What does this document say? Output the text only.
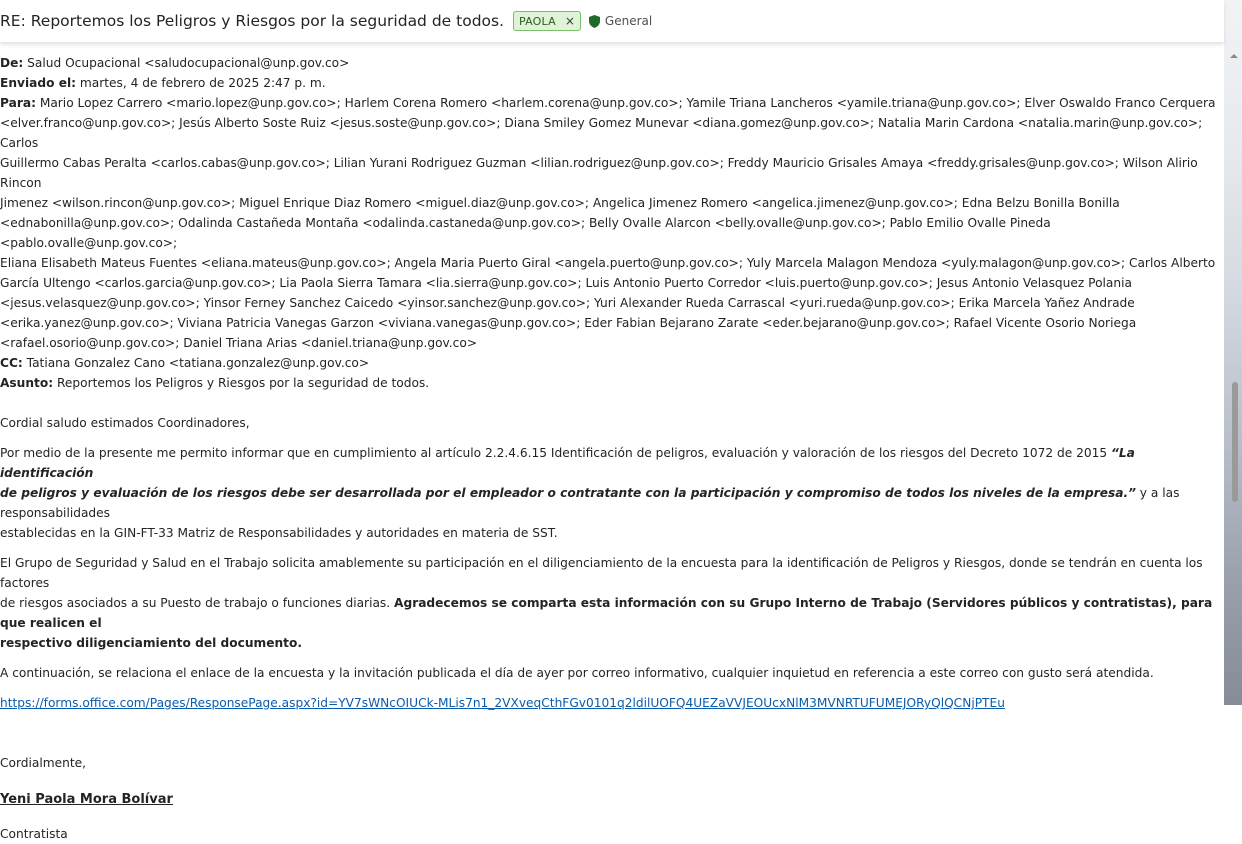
RE: Reportemos los Peligros y Riesgos por la seguridad de todos. PAOLA ×	General
De: Salud Ocupacional <saludocupacional@unp.gov.co>
Enviado el: martes, 4 de febrero de 2025 2:47 p. m.
Para: Mario Lopez Carrero <mario.lopez@unp.gov.co>; Harlem Corena Romero <harlem.corena@unp.gov.co>; Yamile Triana Lancheros <yamile.triana@unp.gov.co>; Elver Oswaldo Franco Cerquera
<elver.franco@unp.gov.co>; Jesús Alberto Soste Ruiz <jesus.soste@unp.gov.co>; Diana Smiley Gomez Munevar <diana.gomez@unp.gov.co>; Natalia Marin Cardona <natalia.marin@unp.gov.co>; Carlos
Guillermo Cabas Peralta <carlos.cabas@unp.gov.co>; Lilian Yurani Rodriguez Guzman <lilian.rodriguez@unp.gov.co>; Freddy Mauricio Grisales Amaya <freddy.grisales@unp.gov.co>; Wilson Alirio Rincon
Jimenez <wilson.rincon@unp.gov.co>; Miguel Enrique Diaz Romero <miguel.diaz@unp.gov.co>; Angelica Jimenez Romero <angelica.jimenez@unp.gov.co>; Edna Belzu Bonilla Bonilla
<ednabonilla@unp.gov.co>; Odalinda Castañeda Montaña <odalinda.castaneda@unp.gov.co>; Belly Ovalle Alarcon <belly.ovalle@unp.gov.co>; Pablo Emilio Ovalle Pineda <pablo.ovalle@unp.gov.co>;
Eliana Elisabeth Mateus Fuentes <eliana.mateus@unp.gov.co>; Angela Maria Puerto Giral <angela.puerto@unp.gov.co>; Yuly Marcela Malagon Mendoza <yuly.malagon@unp.gov.co>; Carlos Alberto
García Ultengo <carlos.garcia@unp.gov.co>; Lia Paola Sierra Tamara <lia.sierra@unp.gov.co>; Luis Antonio Puerto Corredor <luis.puerto@unp.gov.co>; Jesus Antonio Velasquez Polania
<jesus.velasquez@unp.gov.co>; Yinsor Ferney Sanchez Caicedo <yinsor.sanchez@unp.gov.co>; Yuri Alexander Rueda Carrascal <yuri.rueda@unp.gov.co>; Erika Marcela Yañez Andrade
<erika.yanez@unp.gov.co>; Viviana Patricia Vanegas Garzon <viviana.vanegas@unp.gov.co>; Eder Fabian Bejarano Zarate <eder.bejarano@unp.gov.co>; Rafael Vicente Osorio Noriega
<rafael.osorio@unp.gov.co>; Daniel Triana Arias <daniel.triana@unp.gov.co>
CC: Tatiana Gonzalez Cano <tatiana.gonzalez@unp.gov.co>
Asunto: Reportemos los Peligros y Riesgos por la seguridad de todos.

Cordial saludo estimados Coordinadores,

Por medio de la presente me permito informar que en cumplimiento al artículo 2.2.4.6.15 Identificación de peligros, evaluación y valoración de los riesgos del Decreto 1072 de 2015 “La identificación
de peligros y evaluación de los riesgos debe ser desarrollada por el empleador o contratante con la participación y compromiso de todos los niveles de la empresa.” y a las responsabilidades
establecidas en la GIN-FT-33 Matriz de Responsabilidades y autoridades en materia de SST.

El Grupo de Seguridad y Salud en el Trabajo solicita amablemente su participación en el diligenciamiento de la encuesta para la identificación de Peligros y Riesgos, donde se tendrán en cuenta los factores
de riesgos asociados a su Puesto de trabajo o funciones diarias. Agradecemos se comparta esta información con su Grupo Interno de Trabajo (Servidores públicos y contratistas), para que realicen el
respectivo diligenciamiento del documento.

A continuación, se relaciona el enlace de la encuesta y la invitación publicada el día de ayer por correo informativo, cualquier inquietud en referencia a este correo con gusto será atendida.

https://forms.office.com/Pages/ResponsePage.aspx?id=YV7sWNcOIUCk-MLis7n1_2VXveqCthFGv0101q2ldilUOFQ4UEZaVVJEOUcxNlM3MVNRTUFUMEJORyQlQCNjPTEu

Cordialmente,

Yeni Paola Mora Bolívar

Contratista
